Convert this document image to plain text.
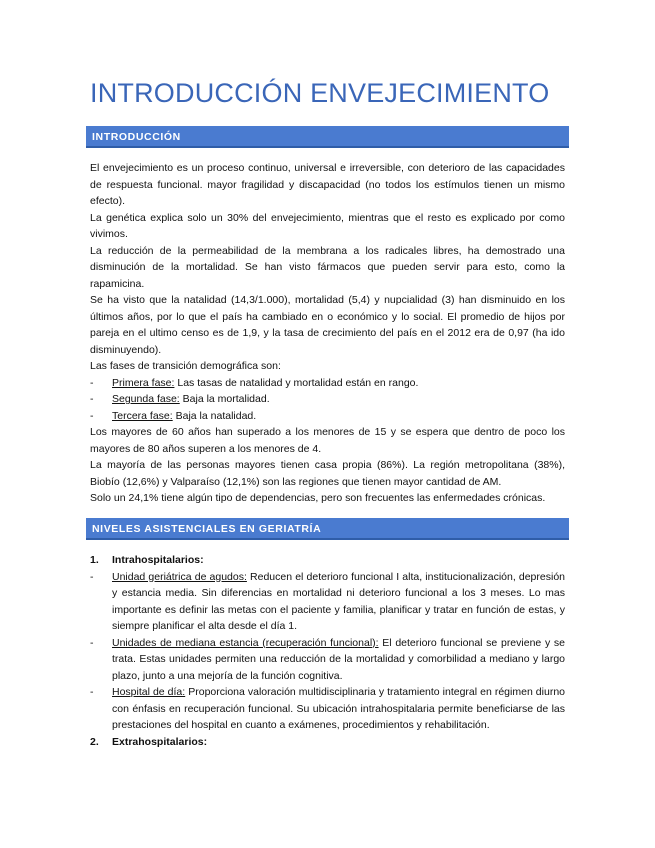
INTRODUCCIÓN ENVEJECIMIENTO
INTRODUCCIÓN

El envejecimiento es un proceso continuo, universal e irreversible, con deterioro de las capacidades de respuesta funcional. mayor fragilidad y discapacidad (no todos los estímulos tienen un mismo efecto).

La genética explica solo un 30% del envejecimiento, mientras que el resto es explicado por como vivimos.

La reducción de la permeabilidad de la membrana a los radicales libres, ha demostrado una disminución de la mortalidad. Se han visto fármacos que pueden servir para esto, como la rapamicina.

Se ha visto que la natalidad (14,3/1.000), mortalidad (5,4) y nupcialidad (3) han disminuido en los últimos años, por lo que el país ha cambiado en o económico y lo social. El promedio de hijos por pareja en el ultimo censo es de 1,9, y la tasa de crecimiento del país en el 2012 era de 0,97 (ha ido disminuyendo).

Las fases de transición demográfica son:

-	Primera fase: Las tasas de natalidad y mortalidad están en rango.
-	Segunda fase: Baja la mortalidad.
-	Tercera fase: Baja la natalidad.

Los mayores de 60 años han superado a los menores de 15 y se espera que dentro de poco los mayores de 80 años superen a los menores de 4.

La mayoría de las personas mayores tienen casa propia (86%). La región metropolitana (38%), Biobío (12,6%) y Valparaíso (12,1%) son las regiones que tienen mayor cantidad de AM.

Solo un 24,1% tiene algún tipo de dependencias, pero son frecuentes las enfermedades crónicas.

NIVELES ASISTENCIALES EN GERIATRÍA
1.	Intrahospitalarios:
-	Unidad geriátrica de agudos: Reducen el deterioro funcional I alta, institucionalización, depresión y estancia media. Sin diferencias en mortalidad ni deterioro funcional a los 3 meses. Lo mas importante es definir las metas con el paciente y familia, planificar y tratar en función de estas, y siempre planificar el alta desde el día 1.
-	Unidades de mediana estancia (recuperación funcional): El deterioro funcional se previene y se trata. Estas unidades permiten una reducción de la mortalidad y comorbilidad a mediano y largo plazo, junto a una mejoría de la función cognitiva.
-	Hospital de día: Proporciona valoración multidisciplinaria y tratamiento integral en régimen diurno con énfasis en recuperación funcional. Su ubicación intrahospitalaria permite beneficiarse de las prestaciones del hospital en cuanto a exámenes, procedimientos y rehabilitación.
2.	Extrahospitalarios:
